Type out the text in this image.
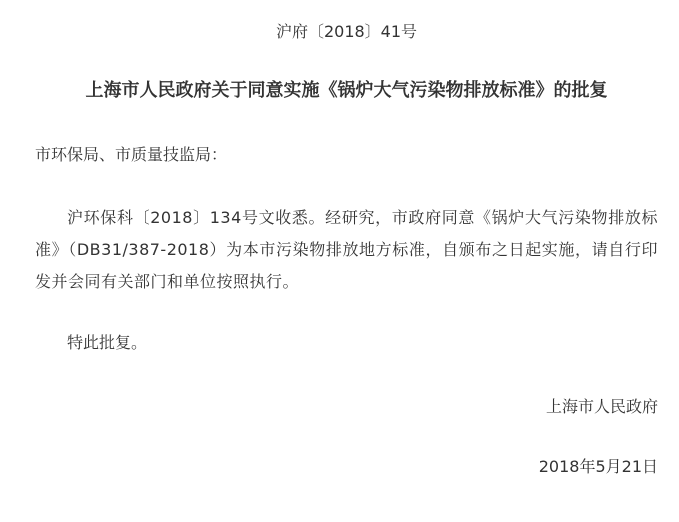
沪府〔2018〕41号
上海市人民政府关于同意实施《锅炉大气污染物排放标准》的批复
市环保局、市质量技监局：
沪环保科〔2018〕134号文收悉。经研究，市政府同意《锅炉大气污染物排放标准》（DB31/387-2018）为本市污染物排放地方标准，自颁布之日起实施，请自行印发并会同有关部门和单位按照执行。
特此批复。
上海市人民政府
2018年5月21日
